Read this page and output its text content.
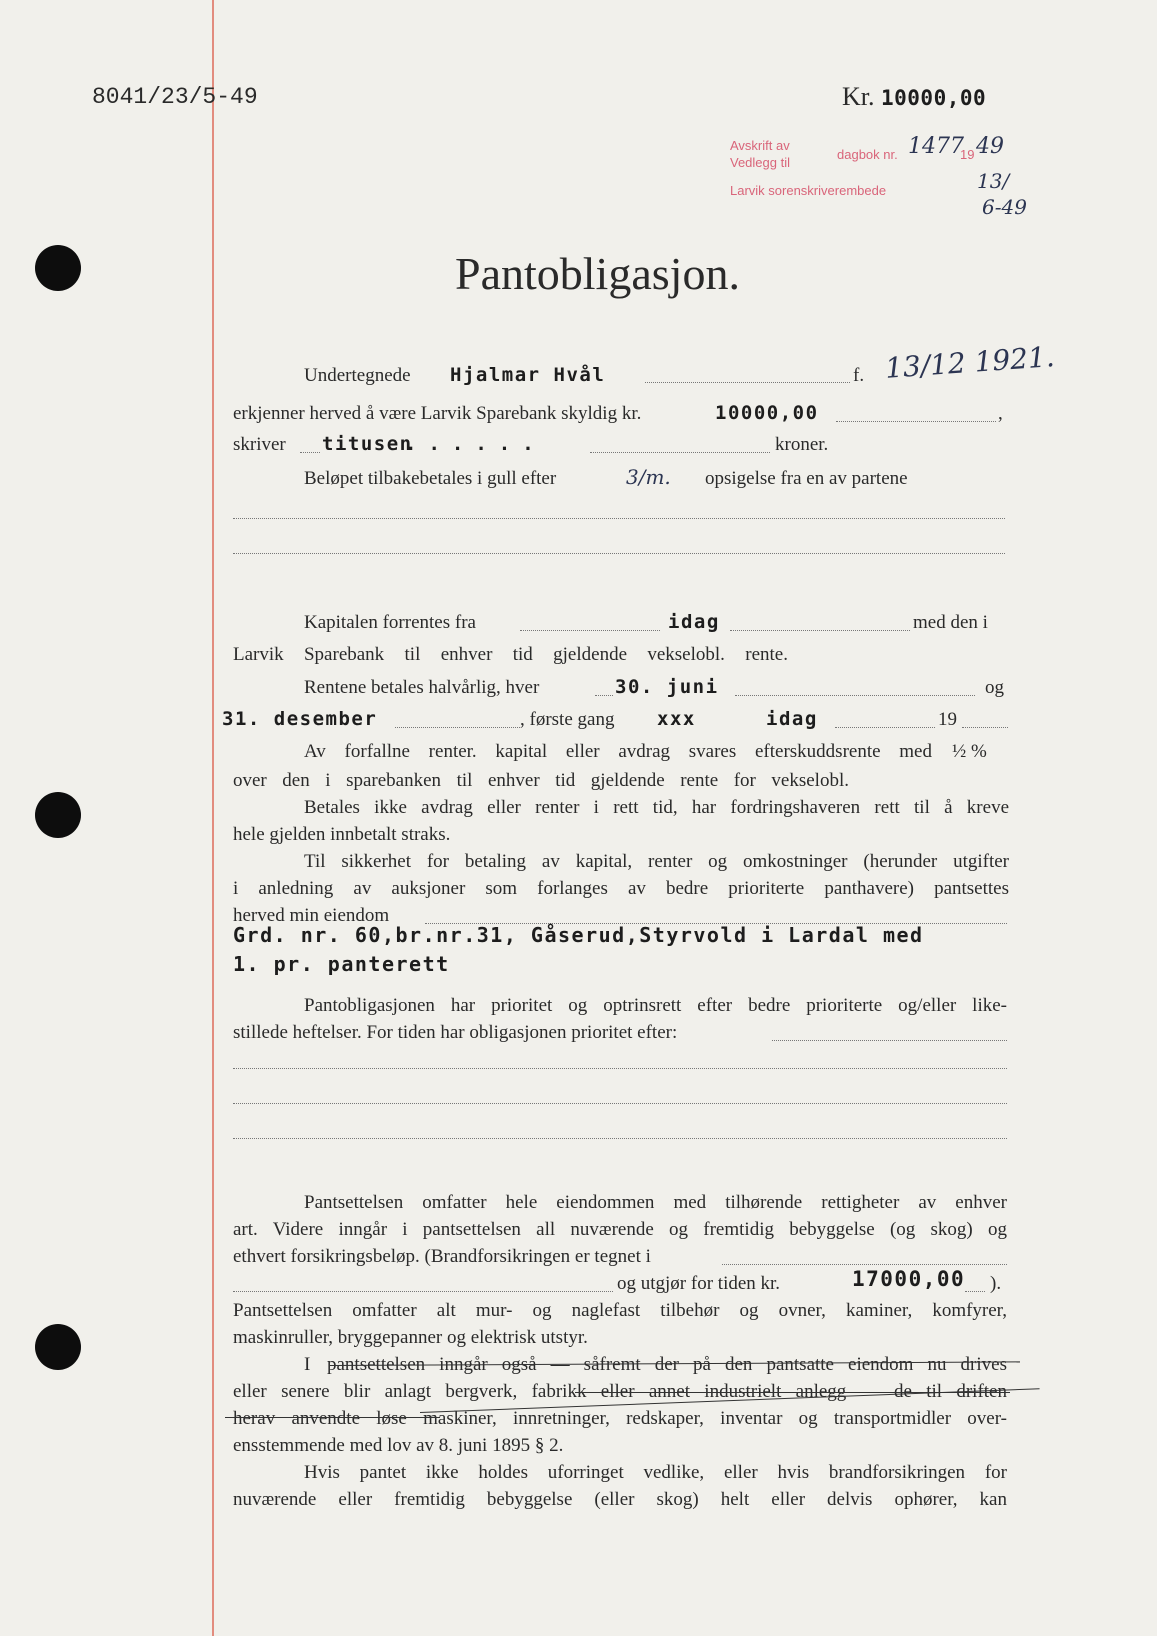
8041/23/5-49	Kr. 10000,00
Avskrift av
Vedlegg til
dagbok nr. 1477
19 49
Larvik sorenskriverembede	13/
6-49
Pantobligasjon.
Undertegnede Hjalmar Hvål	f. 13/12 1921.
erkjenner herved å være Larvik Sparebank skyldig kr.	10000,00	,
skriver titusen
......	kroner.
Beløpet tilbakebetales i gull efter	3/m. opsigelse fra en av partene
Kapitalen forrentes fra	idag	med den i
Larvik Sparebank til enhver tid gjeldende vekselobl. rente.
Rentene betales halvårlig, hver	30. juni	og
31. desember	, første gang xxx	idag	19
Av forfallne renter. kapital eller avdrag svares efterskuddsrente med ½ %
over den i sparebanken til enhver tid gjeldende rente for vekselobl.
Betales ikke avdrag eller renter i rett tid, har fordringshaveren rett til å kreve
hele gjelden innbetalt straks.
Til sikkerhet for betaling av kapital, renter og omkostninger (herunder utgifter
i anledning av auksjoner som forlanges av bedre prioriterte panthavere) pantsettes
herved min eiendom
Grd. nr. 60,br.nr.31, Gåserud,Styrvold i Lardal med
1. pr. panterett
Pantobligasjonen har prioritet og optrinsrett efter bedre prioriterte og/eller like-
stillede heftelser. For tiden har obligasjonen prioritet efter:
Pantsettelsen omfatter hele eiendommen med tilhørende rettigheter av enhver
art. Videre inngår i pantsettelsen all nuværende og fremtidig bebyggelse (og skog) og
ethvert forsikringsbeløp. (Brandforsikringen er tegnet i
og utgjør for tiden kr.	17000,00 ).
Pantsettelsen omfatter alt mur- og naglefast tilbehør og ovner, kaminer, komfyrer,
maskinruller, bryggepanner og elektrisk utstyr.
I pantsettelsen inngår også — såfremt der på den pantsatte eiendom nu drives
eller senere blir anlagt bergverk, fabrikk eller annet industrielt anlegg — de til driften
herav anvendte løse maskiner, innretninger, redskaper, inventar og transportmidler over-
ensstemmende med lov av 8. juni 1895 § 2.
Hvis pantet ikke holdes uforringet vedlike, eller hvis brandforsikringen for
nuværende eller fremtidig bebyggelse (eller skog) helt eller delvis ophører, kan
